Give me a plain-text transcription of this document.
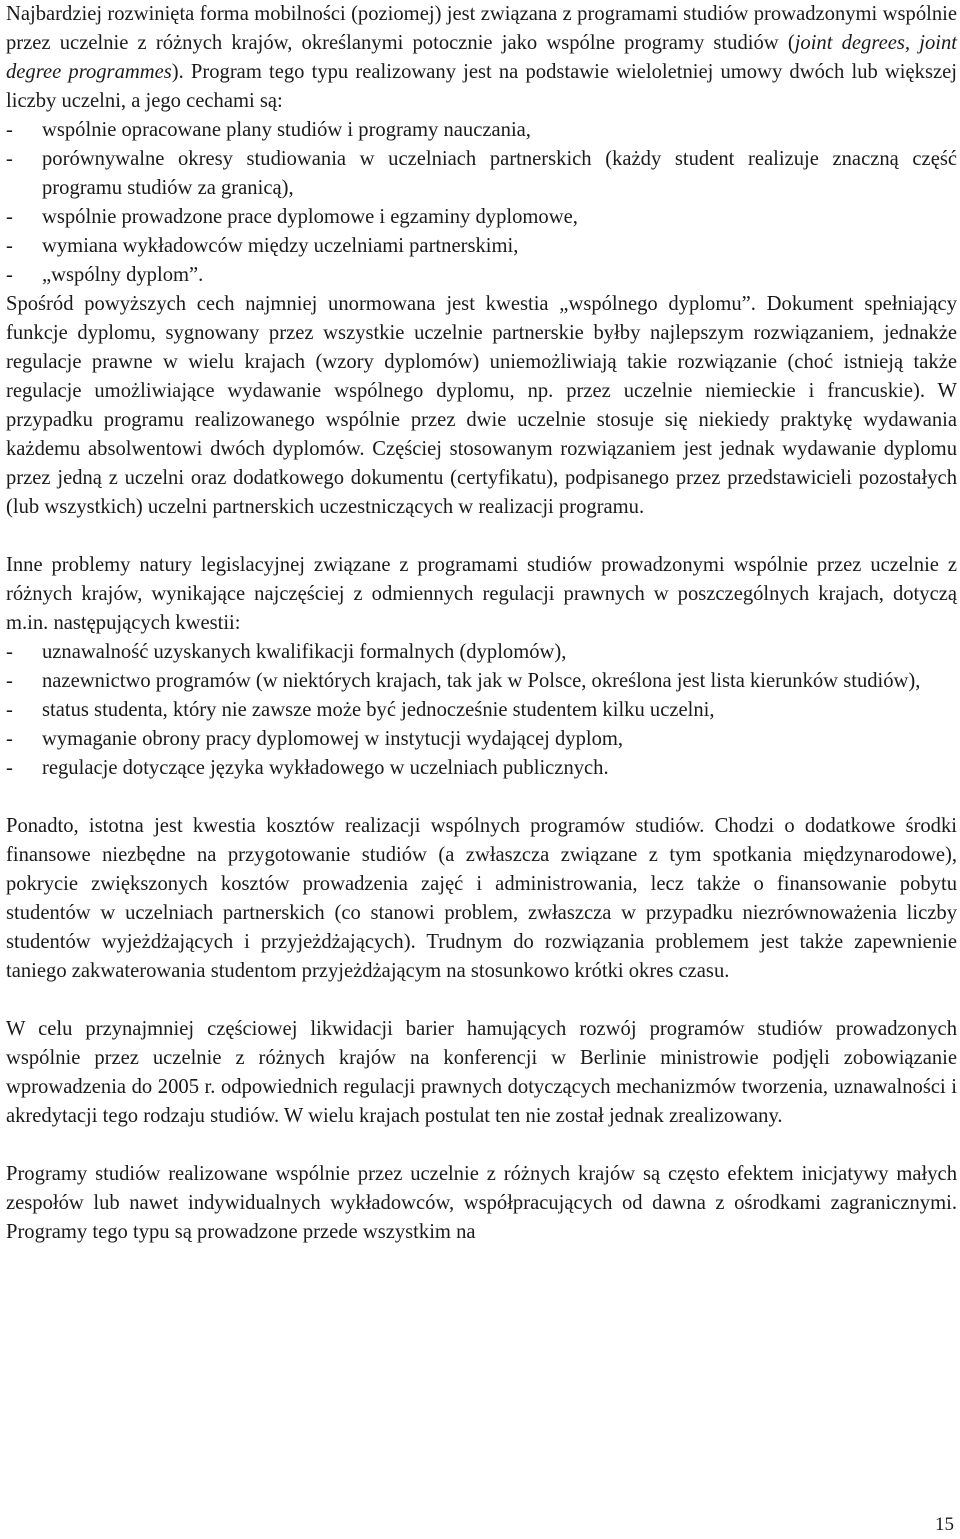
Najbardziej rozwinięta forma mobilności (poziomej) jest związana z programami studiów prowadzonymi wspólnie przez uczelnie z różnych krajów, określanymi potocznie jako wspólne programy studiów (joint degrees, joint degree programmes). Program tego typu realizowany jest na podstawie wieloletniej umowy dwóch lub większej liczby uczelni, a jego cechami są:

- wspólnie opracowane plany studiów i programy nauczania,
- porównywalne okresy studiowania w uczelniach partnerskich (każdy student realizuje znaczną część programu studiów za granicą),
- wspólnie prowadzone prace dyplomowe i egzaminy dyplomowe,
- wymiana wykładowców między uczelniami partnerskimi,
- „wspólny dyplom”.

Spośród powyższych cech najmniej unormowana jest kwestia „wspólnego dyplomu”. Dokument spełniający funkcje dyplomu, sygnowany przez wszystkie uczelnie partnerskie byłby najlepszym rozwiązaniem, jednakże regulacje prawne w wielu krajach (wzory dyplomów) uniemożliwiają takie rozwiązanie (choć istnieją także regulacje umożliwiające wydawanie wspólnego dyplomu, np. przez uczelnie niemieckie i francuskie). W przypadku programu realizowanego wspólnie przez dwie uczelnie stosuje się niekiedy praktykę wydawania każdemu absolwentowi dwóch dyplomów. Częściej stosowanym rozwiązaniem jest jednak wydawanie dyplomu przez jedną z uczelni oraz dodatkowego dokumentu (certyfikatu), podpisanego przez przedstawicieli pozostałych (lub wszystkich) uczelni partnerskich uczestniczących w realizacji programu.

Inne problemy natury legislacyjnej związane z programami studiów prowadzonymi wspólnie przez uczelnie z różnych krajów, wynikające najczęściej z odmiennych regulacji prawnych w poszczególnych krajach, dotyczą m.in. następujących kwestii:

- uznawalność uzyskanych kwalifikacji formalnych (dyplomów),
- nazewnictwo programów (w niektórych krajach, tak jak w Polsce, określona jest lista kierunków studiów),
- status studenta, który nie zawsze może być jednocześnie studentem kilku uczelni,
- wymaganie obrony pracy dyplomowej w instytucji wydającej dyplom,
- regulacje dotyczące języka wykładowego w uczelniach publicznych.

Ponadto, istotna jest kwestia kosztów realizacji wspólnych programów studiów. Chodzi o dodatkowe środki finansowe niezbędne na przygotowanie studiów (a zwłaszcza związane z tym spotkania międzynarodowe), pokrycie zwiększonych kosztów prowadzenia zajęć i administrowania, lecz także o finansowanie pobytu studentów w uczelniach partnerskich (co stanowi problem, zwłaszcza w przypadku niezrównoważenia liczby studentów wyjeżdżających i przyjeżdżających). Trudnym do rozwiązania problemem jest także zapewnienie taniego zakwaterowania studentom przyjeżdżającym na stosunkowo krótki okres czasu.

W celu przynajmniej częściowej likwidacji barier hamujących rozwój programów studiów prowadzonych wspólnie przez uczelnie z różnych krajów na konferencji w Berlinie ministrowie podjęli zobowiązanie wprowadzenia do 2005 r. odpowiednich regulacji prawnych dotyczących mechanizmów tworzenia, uznawalności i akredytacji tego rodzaju studiów. W wielu krajach postulat ten nie został jednak zrealizowany.

Programy studiów realizowane wspólnie przez uczelnie z różnych krajów są często efektem inicjatywy małych zespołów lub nawet indywidualnych wykładowców, współpracujących od dawna z ośrodkami zagranicznymi. Programy tego typu są prowadzone przede wszystkim na

15
